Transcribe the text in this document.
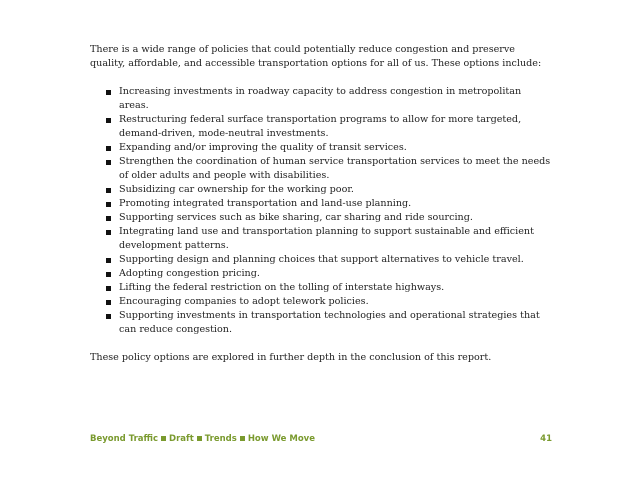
There is a wide range of policies that could potentially reduce congestion and preserve quality, affordable, and accessible transportation options for all of us. These options include:

Increasing investments in roadway capacity to address congestion in metropolitan areas.
Restructuring federal surface transportation programs to allow for more targeted, demand-driven, mode-neutral investments.
Expanding and/or improving the quality of transit services.
Strengthen the coordination of human service transportation services to meet the needs of older adults and people with disabilities.
Subsidizing car ownership for the working poor.
Promoting integrated transportation and land-use planning.
Supporting services such as bike sharing, car sharing and ride sourcing.
Integrating land use and transportation planning to support sustainable and efficient development patterns.
Supporting design and planning choices that support alternatives to vehicle travel.
Adopting congestion pricing.
Lifting the federal restriction on the tolling of interstate highways.
Encouraging companies to adopt telework policies.
Supporting investments in transportation technologies and operational strategies that can reduce congestion.

These policy options are explored in further depth in the conclusion of this report.

Beyond Traffic Draft Trends How We Move	41
